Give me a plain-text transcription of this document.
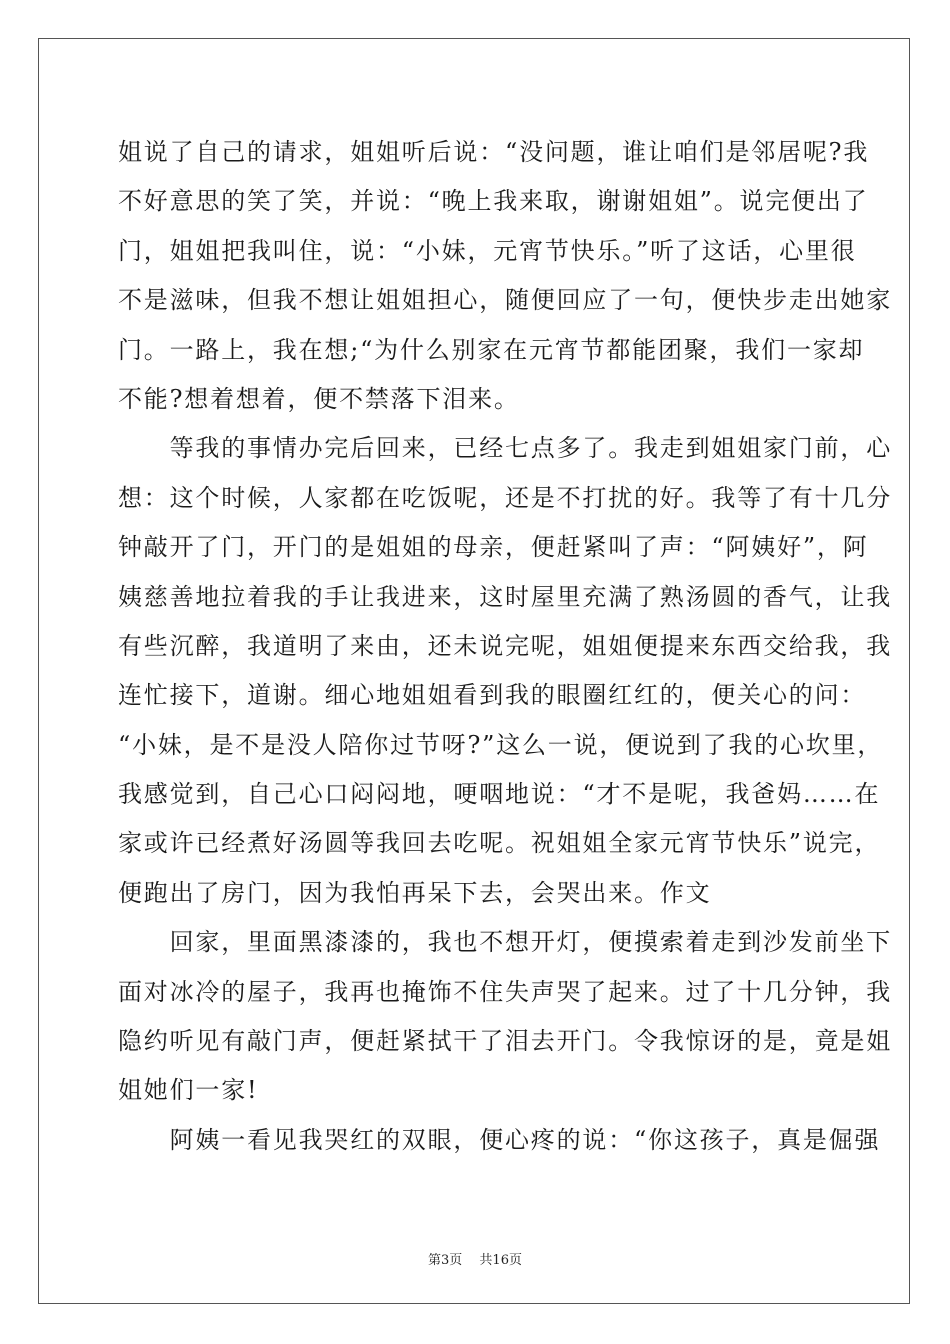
姐说了自己的请求，姐姐听后说：“没问题，谁让咱们是邻居呢?我
不好意思的笑了笑，并说：“晚上我来取，谢谢姐姐”。说完便出了
门，姐姐把我叫住，说：“小妹，元宵节快乐。”听了这话，心里很
不是滋味，但我不想让姐姐担心，随便回应了一句，便快步走出她家
门。一路上，我在想;“为什么别家在元宵节都能团聚，我们一家却
不能?想着想着，便不禁落下泪来。
　　等我的事情办完后回来，已经七点多了。我走到姐姐家门前，心
想：这个时候，人家都在吃饭呢，还是不打扰的好。我等了有十几分
钟敲开了门，开门的是姐姐的母亲，便赶紧叫了声：“阿姨好”，阿
姨慈善地拉着我的手让我进来，这时屋里充满了熟汤圆的香气，让我
有些沉醉，我道明了来由，还未说完呢，姐姐便提来东西交给我，我
连忙接下，道谢。细心地姐姐看到我的眼圈红红的，便关心的问：
“小妹，是不是没人陪你过节呀?”这么一说，便说到了我的心坎里，
我感觉到，自己心口闷闷地，哽咽地说：“才不是呢，我爸妈……在
家或许已经煮好汤圆等我回去吃呢。祝姐姐全家元宵节快乐”说完，
便跑出了房门，因为我怕再呆下去，会哭出来。作文
　　回家，里面黑漆漆的，我也不想开灯，便摸索着走到沙发前坐下
面对冰冷的屋子，我再也掩饰不住失声哭了起来。过了十几分钟，我
隐约听见有敲门声，便赶紧拭干了泪去开门。令我惊讶的是，竟是姐
姐她们一家!
　　阿姨一看见我哭红的双眼，便心疼的说：“你这孩子，真是倔强
第3页　 共16页
